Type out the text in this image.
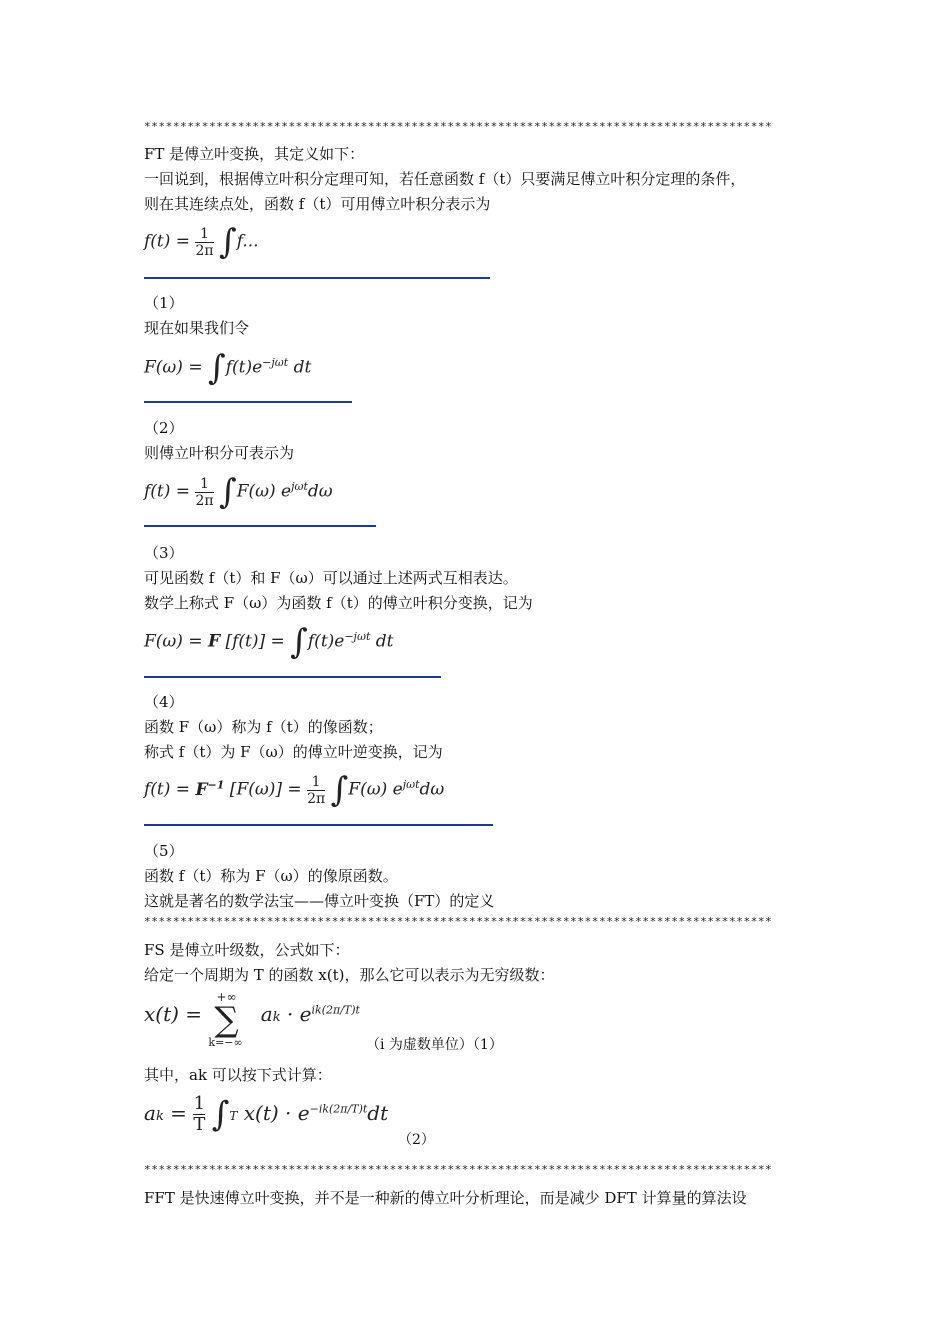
***************************************************************************************
FT 是傅立叶变换，其定义如下：
一回说到，根据傅立叶积分定理可知，若任意函数 f（t）只要满足傅立叶积分定理的条件，
则在其连续点处，函数 f（t）可用傅立叶积分表示为
$f(t) = \frac{1}{2\pi} \int f$...
（1）
现在如果我们令
$F(\omega) = \int f(t)e^{-j\omega t}$ dt
（2）
则傅立叶积分可表示为
$f(t) = \frac{1}{2\pi} \int F(\omega)$ $e^{j\omega t}d\omega$
（3）
可见函数 f（t）和 F（ω）可以通过上述两式互相表达。
数学上称式 F（ω）为函数 f（t）的傅立叶积分变换，记为
F(ω) = F $[f(t)] = \int f(t)e^{-j\omega t}$ dt
（4）
函数 F（ω）称为 f（t）的像函数；
称式 f（t）为 F（ω）的傅立叶逆变换，记为
$f(t) = F^{-1}$ $[F(\omega)] = \frac{1}{2\pi} \int F(\omega)$ $e^{j\omega t}d\omega$
（5）
函数 f（t）称为 F（ω）的像原函数。
这就是著名的数学法宝——傅立叶变换（FT）的定义
***************************************************************************************
FS 是傅立叶级数，公式如下：
给定一个周期为 T 的函数 x(t)，那么它可以表示为无穷级数：
x(t) =
+∞
∑
k=−∞
ak · $e^{ik(2\pi/T)t}$
（i 为虚数单位）（1）
其中，ak 可以按下式计算：
ak = $\frac{1}{T} \int T$ $x(t) \cdot e^{-ik(2\pi/T)t}dt$
（2）
***************************************************************************************
FFT 是快速傅立叶变换，并不是一种新的傅立叶分析理论，而是减少 DFT 计算量的算法设
